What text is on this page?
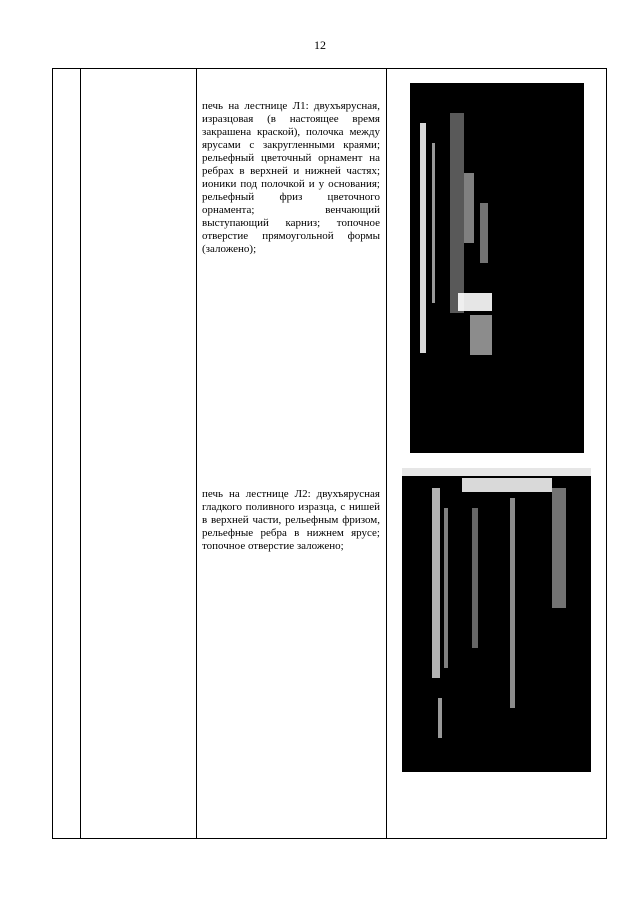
12
печь на лестнице Л1: двухъярусная, изразцовая (в настоящее время закрашена краской), полочка между ярусами с закругленными краями; рельефный цветочный орнамент на ребрах в верхней и нижней частях; ионики под полочкой и у основания; рельефный фриз цветочного орнамента; венчающий выступающий карниз; топочное отверстие прямоугольной формы (заложено);
печь на лестнице Л2: двухъярусная гладкого поливного изразца, с нишей в верхней части, рельефным фризом, рельефные ребра в нижнем ярусе; топочное отверстие заложено;
